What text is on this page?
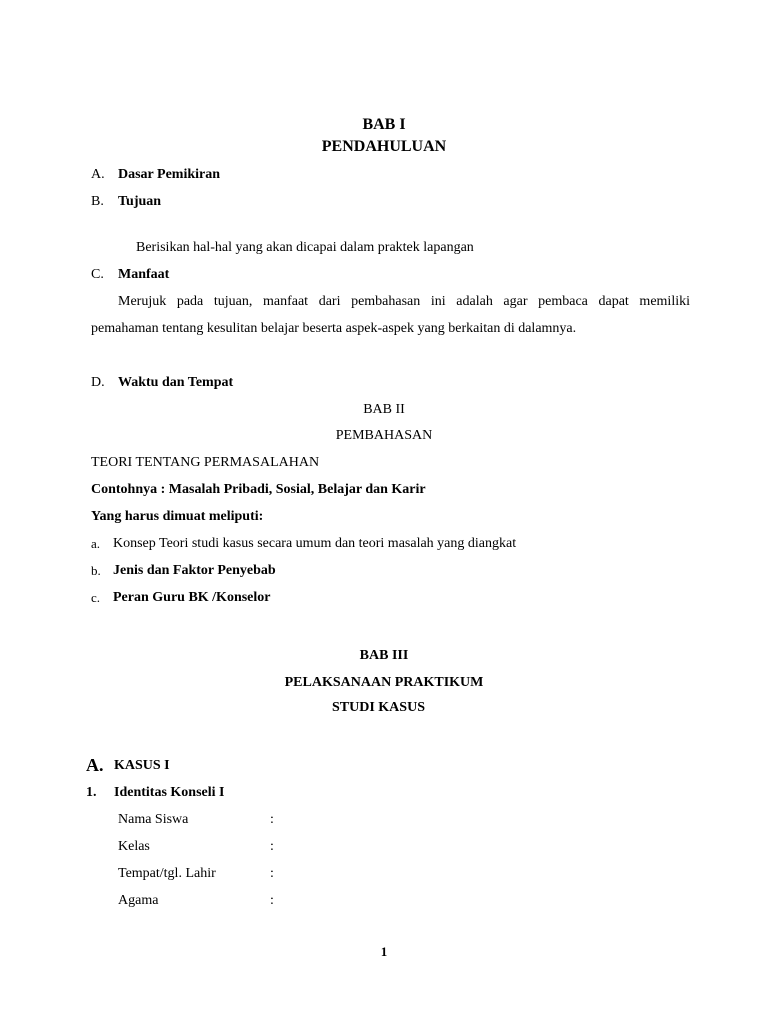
BAB I
PENDAHULUAN
A. Dasar Pemikiran
B. Tujuan
Berisikan hal-hal yang akan dicapai dalam praktek lapangan
C. Manfaat
Merujuk pada tujuan, manfaat dari pembahasan ini adalah agar pembaca dapat memiliki
pemahaman tentang kesulitan belajar beserta aspek-aspek yang berkaitan di dalamnya.
D. Waktu dan Tempat
BAB II
PEMBAHASAN
TEORI TENTANG PERMASALAHAN
Contohnya : Masalah Pribadi, Sosial, Belajar dan Karir
Yang harus dimuat meliputi:
a. Konsep Teori studi kasus secara umum dan teori masalah yang diangkat
b. Jenis dan Faktor Penyebab
c. Peran Guru BK /Konselor
BAB III
PELAKSANAAN PRAKTIKUM
STUDI KASUS
A. KASUS I
1. Identitas Konseli I
Nama Siswa	:
Kelas	:
Tempat/tgl. Lahir	:
Agama	:
1
